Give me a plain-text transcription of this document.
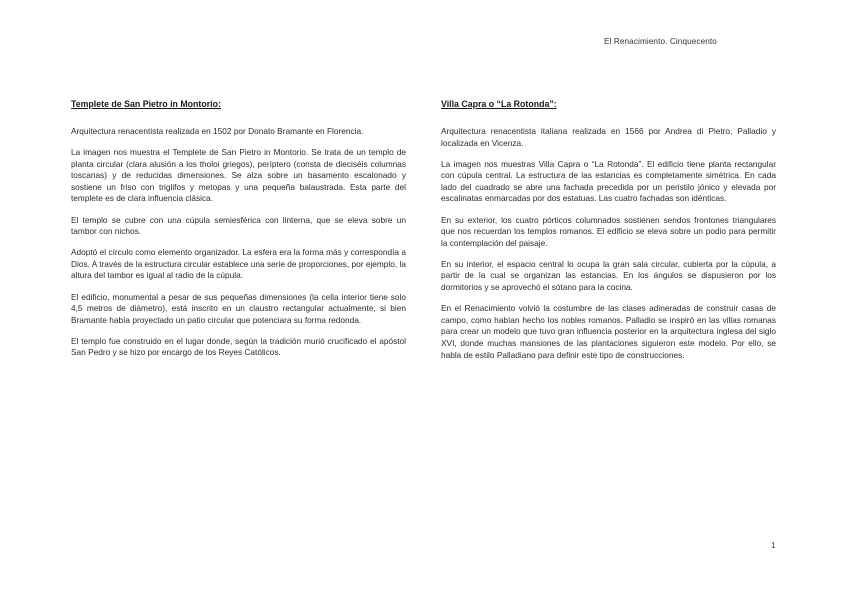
El Renacimiento. Cinquecento
Templete de San Pietro in Montorio:

Arquitectura renacentista realizada en 1502 por Donato Bramante en Florencia.

La imagen nos muestra el Templete de San Pietro in Montorio. Se trata de un templo de planta circular (clara alusión a los tholoi griegos), períptero (consta de dieciséis columnas toscanas) y de reducidas dimensiones. Se alza sobre un basamento escalonado y sostiene un friso con triglifos y metopas y una pequeña balaustrada. Esta parte del templete es de clara influencia clásica.

El templo se cubre con una cúpula semiesférica con linterna, que se eleva sobre un tambor con nichos.

Adoptó el círculo como elemento organizador. La esfera era la forma más y correspondía a Dios. A través de la estructura circular establece una serie de proporciones, por ejemplo, la altura del tambor es igual al radio de la cúpula.

El edificio, monumental a pesar de sus pequeñas dimensiones (la cella interior tiene solo 4,5 metros de diámetro), está inscrito en un claustro rectangular actualmente, si bien Bramante había proyectado un patio circular que potenciara su forma redonda.

El templo fue construido en el lugar donde, según la tradición murió crucificado el apóstol San Pedro y se hizo por encargo de los Reyes Católicos.

Villa Capra o “La Rotonda”:

Arquitectura renacentista italiana realizada en 1566 por Andrea di Pietro, Palladio y localizada en Vicenza.

La imagen nos muestras Villa Capra o “La Rotonda”. El edificio tiene planta rectangular con cúpula central. La estructura de las estancias es completamente simétrica. En cada lado del cuadrado se abre una fachada precedida por un peristilo jónico y elevada por escalinatas enmarcadas por dos estatuas. Las cuatro fachadas son idénticas.

En su exterior, los cuatro pórticos columnados sostienen sendos frontones triangulares que nos recuerdan los templos romanos. El edificio se eleva sobre un podio para permitir la contemplación del paisaje.

En su interior, el espacio central lo ocupa la gran sala circular, cubierta por la cúpula, a partir de la cual se organizan las estancias. En los ángulos se dispusieron por los dormitorios y se aprovechó el sótano para la cocina.

En el Renacimiento volvió la costumbre de las clases adineradas de construir casas de campo, como habían hecho los nobles romanos. Palladio se inspiró en las villas romanas para crear un modelo que tuvo gran influencia posterior en la arquitectura inglesa del siglo XVI, donde muchas mansiones de las plantaciones siguieron este modelo. Por ello, se habla de estilo Palladiano para definir este tipo de construcciones.

1
